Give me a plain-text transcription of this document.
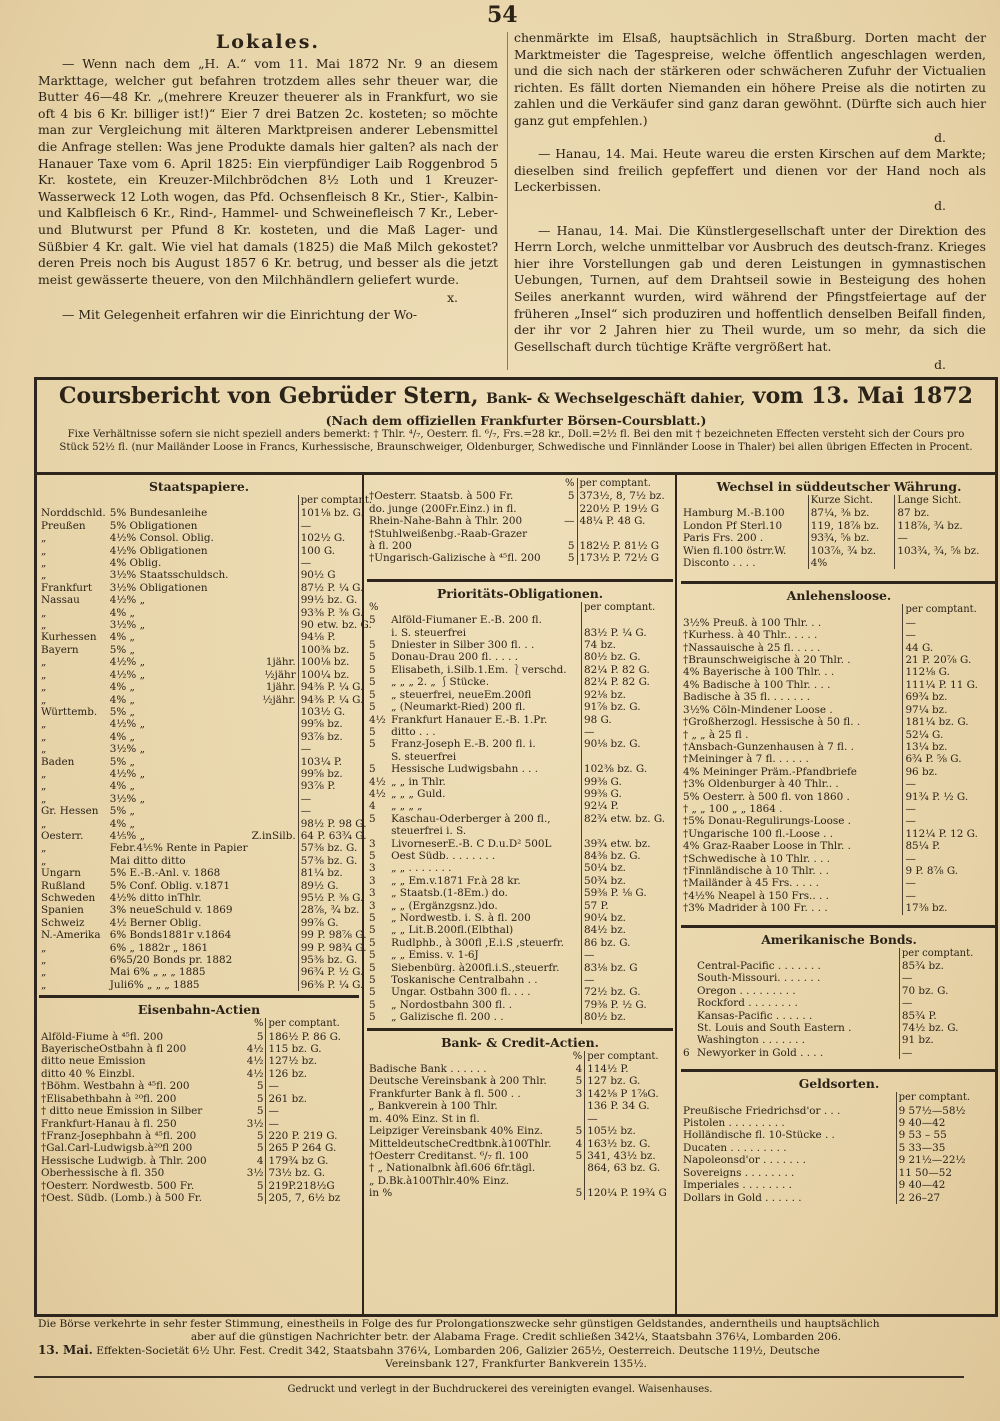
54
Lokales.

— Wenn nach dem „H. A.“ vom 11. Mai 1872 Nr. 9 an diesem Markttage, welcher gut befahren trotzdem alles sehr theuer war, die Butter 46—48 Kr. „(mehrere Kreuzer theuerer als in Frankfurt, wo sie oft 4 bis 6 Kr. billiger ist!)“ Eier 7 drei Batzen 2c. kosteten; so möchte man zur Vergleichung mit älteren Marktpreisen anderer Lebensmittel die Anfrage stellen: Was jene Produkte damals hier galten? als nach der Hanauer Taxe vom 6. April 1825: Ein vierpfündiger Laib Roggenbrod 5 Kr. kostete, ein Kreuzer-Milchbrödchen 8½ Loth und 1 Kreuzer-Wasserweck 12 Loth wogen, das Pfd. Ochsenfleisch 8 Kr., Stier-, Kalbin- und Kalbfleisch 6 Kr., Rind-, Hammel- und Schweinefleisch 7 Kr., Leber- und Blutwurst per Pfund 8 Kr. kosteten, und die Maß Lager- und Süßbier 4 Kr. galt. Wie viel hat damals (1825) die Maß Milch gekostet? deren Preis noch bis August 1857 6 Kr. betrug, und besser als die jetzt meist gewässerte theuere, von den Milchhändlern geliefert wurde.

x.

— Mit Gelegenheit erfahren wir die Einrichtung der Wo-

chenmärkte im Elsaß, hauptsächlich in Straßburg. Dorten macht der Marktmeister die Tagespreise, welche öffentlich angeschlagen werden, und die sich nach der stärkeren oder schwächeren Zufuhr der Victualien richten. Es fällt dorten Niemanden ein höhere Preise als die notirten zu zahlen und die Verkäufer sind ganz daran gewöhnt. (Dürfte sich auch hier ganz gut empfehlen.)

d.

— Hanau, 14. Mai. Heute wareu die ersten Kirschen auf dem Markte; dieselben sind freilich gepfeffert und dienen vor der Hand noch als Leckerbissen.

d.

— Hanau, 14. Mai. Die Künstlergesellschaft unter der Direktion des Herrn Lorch, welche unmittelbar vor Ausbruch des deutsch-franz. Krieges hier ihre Vorstellungen gab und deren Leistungen in gymnastischen Uebungen, Turnen, auf dem Drahtseil sowie in Besteigung des hohen Seiles anerkannt wurden, wird während der Pfingstfeiertage auf der früheren „Insel“ sich produziren und hoffentlich denselben Beifall finden, der ihr vor 2 Jahren hier zu Theil wurde, um so mehr, da sich die Gesellschaft durch tüchtige Kräfte vergrößert hat.

d.
Coursbericht von Gebrüder Stern, Bank- & Wechselgeschäft dahier, vom 13. Mai 1872
(Nach dem offiziellen Frankfurter Börsen-Coursblatt.)
Fixe Verhältnisse sofern sie nicht speziell anders bemerkt: † Thlr. ⁴/₇, Oesterr. fl. ⁶/₇, Frs.=28 kr., Doll.=2½ fl. Bei den mit † bezeichneten Effecten versteht sich der Cours pro Stück 52½ fl. (nur Mailänder Loose in Francs, Kurhessische, Braunschweiger, Oldenburger, Schwedische und Finnländer Loose in Thaler) bei allen übrigen Effecten in Procent.
Staatspapiere.
			per comptant.
Norddschld.	5% Bundesanleihe		101⅛ bz. G.
Preußen	5% Obligationen		—
„	4½% Consol. Oblig.		102½ G.
„	4½% Obligationen		100 G.
„	4% Oblig.		—
„	3½% Staatsschuldsch.		90½ G
Frankfurt	3½% Obligationen		87½ P. ¼ G.
Nassau	4½% „		99½ bz. G.
„	4% „		93⅜ P. ⅜ G.
„	3½% „		90 etw. bz. G.
Kurhessen	4% „		94⅛ P.
Bayern	5% „		100⅜ bz.
„	4½% „	1jähr.	100⅛ bz.
„	4½% „	½jähr	100¼ bz.
„	4% „	1jähr.	94⅜ P. ¼ G.
„	4% „	½jähr.	94⅜ P. ¼ G.
Württemb.	5% „		103½ G.
„	4½% „		99⅝ bz.
„	4% „		93⅞ bz.
„	3½% „		—
Baden	5% „		103¼ P.
„	4½% „		99⅝ bz.
„	4% „		93⅞ P.
„	3½% „		—
Gr. Hessen	5% „		—
„	4% „		98½ P. 98 G.
Oesterr.	4⅕% „	Z.inSilb.	64 P. 63¾ G.
„	Febr.4⅕% Rente in Papier		57⅜ bz. G.
„	Mai ditto ditto		57⅜ bz. G.
Ungarn	5% E.-B.-Anl. v. 1868		81¼ bz.
Rußland	5% Conf. Oblig. v.1871		89½ G.
Schweden	4½% ditto inThlr.		95½ P. ⅜ G.
Spanien	3% neueSchuld v. 1869		28⅞, ¾ bz.
Schweiz	4½ Berner Oblig.		99⅞ G.
N.-Amerika	6% Bonds1881r v.1864		99 P. 98⅞ G.
„	6% „ 1882r „ 1861		99 P. 98¾ G.
„	6%5/20 Bonds pr. 1882		95⅜ bz. G.
„	Mai 6% „ „ „ 1885		96¾ P. ½ G.
„	Juli6% „ „ „ 1885		96⅜ P. ¼ G.
Eisenbahn-Actien
	%	per comptant.
Alföld-Fiume à ⁴⁵fl. 200	5	186½ P. 86 G.
BayerischeOstbahn à fl 200	4½	115 bz. G.
ditto neue Emission	4½	127½ bz.
ditto 40 % Einzbl.	4½	126 bz.
†Böhm. Westbahn à ⁴⁵fl. 200	5	—
†Elisabethbahn à ²⁰fl. 200	5	261 bz.
† ditto neue Emission in Silber	5	—
Frankfurt-Hanau à fl. 250	3½	—
†Franz-Josephbahn à ⁴⁵fl. 200	5	220 P. 219 G.
†Gal.Carl-Ludwigsb.à²⁰fl 200	5	265 P 264 G.
Hessische Ludwigb. à Thlr. 200	4	179¾ bz G.
Oberhessische à fl. 350	3½	73½ bz. G.
†Oesterr. Nordwestb. 500 Fr.	5	219P.218½G
†Oest. Südb. (Lomb.) à 500 Fr.	5	205, 7, 6½ bz
	%	per comptant.
†Oesterr. Staatsb. à 500 Fr.	5	373½, 8, 7½ bz.
do. junge (200Fr.Einz.) in fl.		220½ P. 19½ G
Rhein-Nahe-Bahn à Thlr. 200	—	48¼ P. 48 G.
†Stuhlweißenbg.-Raab-Grazer		
à fl. 200	5	182½ P. 81½ G
†Ungarisch-Galizische à ⁴⁵fl. 200	5	173½ P. 72½ G
Prioritäts-Obligationen.
%		per comptant.
5	Alföld-Fiumaner E.-B. 200 fl.	
	i. S. steuerfrei	83½ P. ¼ G.
5	Dniester in Silber 300 fl. . .	74 bz.
5	Donau-Drau 200 fl. . . . .	80½ bz. G.
5	Elisabeth, i.Silb.1.Em. ⎱verschd.	82¼ P. 82 G.
5	„ „ „ 2. „ ⎰Stücke.	82¼ P. 82 G.
5	„ steuerfrei, neueEm.200fl	92⅛ bz.
5	„ (Neumarkt-Ried) 200 fl.	91⅞ bz. G.
4½	Frankfurt Hanauer E.-B. 1.Pr.	98 G.
5	ditto . . .	—
5	Franz-Joseph E.-B. 200 fl. i.	90⅛ bz. G.
	S. steuerfrei	
5	Hessische Ludwigsbahn . . .	102⅜ bz. G.
4½	„ „ in Thlr.	99⅜ G.
4½	„ „ „ Guld.	99⅜ G.
4	„ „ „ „	92¼ P.
5	Kaschau-Oderberger à 200 fl.,	82¾ etw. bz. G.
	steuerfrei i. S.	
3	LivorneserE.-B. C D.u.D² 500L	39¾ etw. bz.
5	Oest Südb. . . . . . . .	84⅜ bz. G.
3	„ „ . . . . . . .	50¼ bz.
3	„ „ Em.v.1871 Fr.à 28 kr.	50¾ bz.
3	„ Staatsb.(1-8Em.) do.	59⅜ P. ⅛ G.
3	„ „ (Ergänzgsnz.)do.	57 P.
5	„ Nordwestb. i. S. à fl. 200	90¼ bz.
5	„ „ Lit.B.200fl.(Elbthal)	84½ bz.
5	Rudlphb., à 300fl ,E.i.S ,steuerfr.	86 bz. G.
5	„ „ Emiss. v. 1-6J	—
5	Siebenbürg. à200fl.i.S.,steuerfr.	83⅛ bz. G
5	Toskanische Centralbahn . .	—
5	Ungar. Ostbahn 300 fl. . . .	72½ bz. G.
5	„ Nordostbahn 300 fl. .	79⅜ P. ½ G.
5	„ Galizische fl. 200 . .	80½ bz.
Bank- & Credit-Actien.
	%	per comptant.
Badische Bank . . . . . .	4	114½ P.
Deutsche Vereinsbank à 200 Thlr.	5	127 bz. G.
Frankfurter Bank à fl. 500 . .	3	142⅛ P 1⅞G.
„ Bankverein à 100 Thlr.		136 P. 34 G.
m. 40% Einz. St in fl.		—
Leipziger Vereinsbank 40% Einz.	5	105½ bz.
MitteldeutscheCredtbnk.à100Thlr.	4	163½ bz. G.
†Oesterr Creditanst. ⁶/₇ fl. 100	5	341, 43½ bz.
† „ Nationalbnk àfl.606 6fr.tägl.		864, 63 bz. G.
„ D.Bk.à100Thlr.40% Einz.		
in %	5	120¼ P. 19¾ G
Wechsel in süddeutscher Währung.
	Kurze Sicht.	Lange Sicht.
Hamburg M.-B.100	87¼, ⅜ bz.	87 bz.
London Pf Sterl.10	119, 18⅞ bz.	118⅞, ¾ bz.
Paris Frs. 200 .	93¾, ⅝ bz.	—
Wien fl.100 östrr.W.	103⅞, ¾ bz.	103¾, ¾, ⅝ bz.
Disconto . . . .	4%	
Anlehensloose.
	per comptant.
3½% Preuß. à 100 Thlr. . .	—
†Kurhess. à 40 Thlr.. . . . .	—
†Nassauische à 25 fl. . . . .	44 G.
†Braunschweigische à 20 Thlr. .	21 P. 20⅞ G.
4% Bayerische à 100 Thlr. . .	112⅛ G.
4% Badische à 100 Thlr. . . .	111¼ P. 11 G.
Badische à 35 fl. . . . . . .	69¾ bz.
3½% Cöln-Mindener Loose .	97¼ bz.
†Großherzogl. Hessische à 50 fl. .	181¼ bz. G.
† „ „ à 25 fl .	52¼ G.
†Ansbach-Gunzenhausen à 7 fl. .	13¼ bz.
†Meininger à 7 fl. . . . . .	6¾ P. ⅝ G.
4% Meininger Präm.-Pfandbriefe	96 bz.
†3% Oldenburger à 40 Thlr.. .	—
5% Oesterr. à 500 fl. von 1860 .	91¾ P. ½ G.
† „ „ 100 „ „ 1864 .	—
†5% Donau-Regulirungs-Loose .	—
†Ungarische 100 fl.-Loose . .	112¼ P. 12 G.
4% Graz-Raaber Loose in Thlr. .	85¼ P.
†Schwedische à 10 Thlr. . . .	—
†Finnländische à 10 Thlr. . .	9 P. 8⅞ G.
†Mailänder à 45 Frs. . . . .	—
†4½% Neapel à 150 Frs.. . .	—
†3% Madrider à 100 Fr. . . .	17⅜ bz.
Amerikanische Bonds.
		per comptant.
	Central-Pacific . . . . . . .	85¾ bz.
	South-Missouri. . . . . . .	—
	Oregon . . . . . . . . .	70 bz. G.
	Rockford . . . . . . . .	—
	Kansas-Pacific . . . . . .	85¾ P.
	St. Louis and South Eastern .	74½ bz. G.
	Washington . . . . . . .	91 bz.
6	Newyorker in Gold . . . .	—
Geldsorten.
	per comptant.
Preußische Friedrichsd'or . . .	9 57½—58½
Pistolen . . . . . . . . .	9 40—42
Holländische fl. 10-Stücke . .	9 53 – 55
Ducaten . . . . . . . . .	5 33—35
Napoleonsd'or . . . . . . .	9 21½—22½
Sovereigns . . . . . . . .	11 50—52
Imperiales . . . . . . . .	9 40—42
Dollars in Gold . . . . . .	2 26–27

Die Börse verkehrte in sehr fester Stimmung, einestheils in Folge des fur Prolongationszwecke sehr günstigen Geldstandes, anderntheils und hauptsächlich

aber auf die günstigen Nachrichter betr. der Alabama Frage. Credit schließen 342¼, Staatsbahn 376¼, Lombarden 206.

13. Mai. Effekten-Societät 6½ Uhr. Fest. Credit 342, Staatsbahn 376¼, Lombarden 206, Galizier 265½, Oesterreich. Deutsche 119½, Deutsche

Vereinsbank 127, Frankfurter Bankverein 135½.

Gedruckt und verlegt in der Buchdruckerei des vereinigten evangel. Waisenhauses.
